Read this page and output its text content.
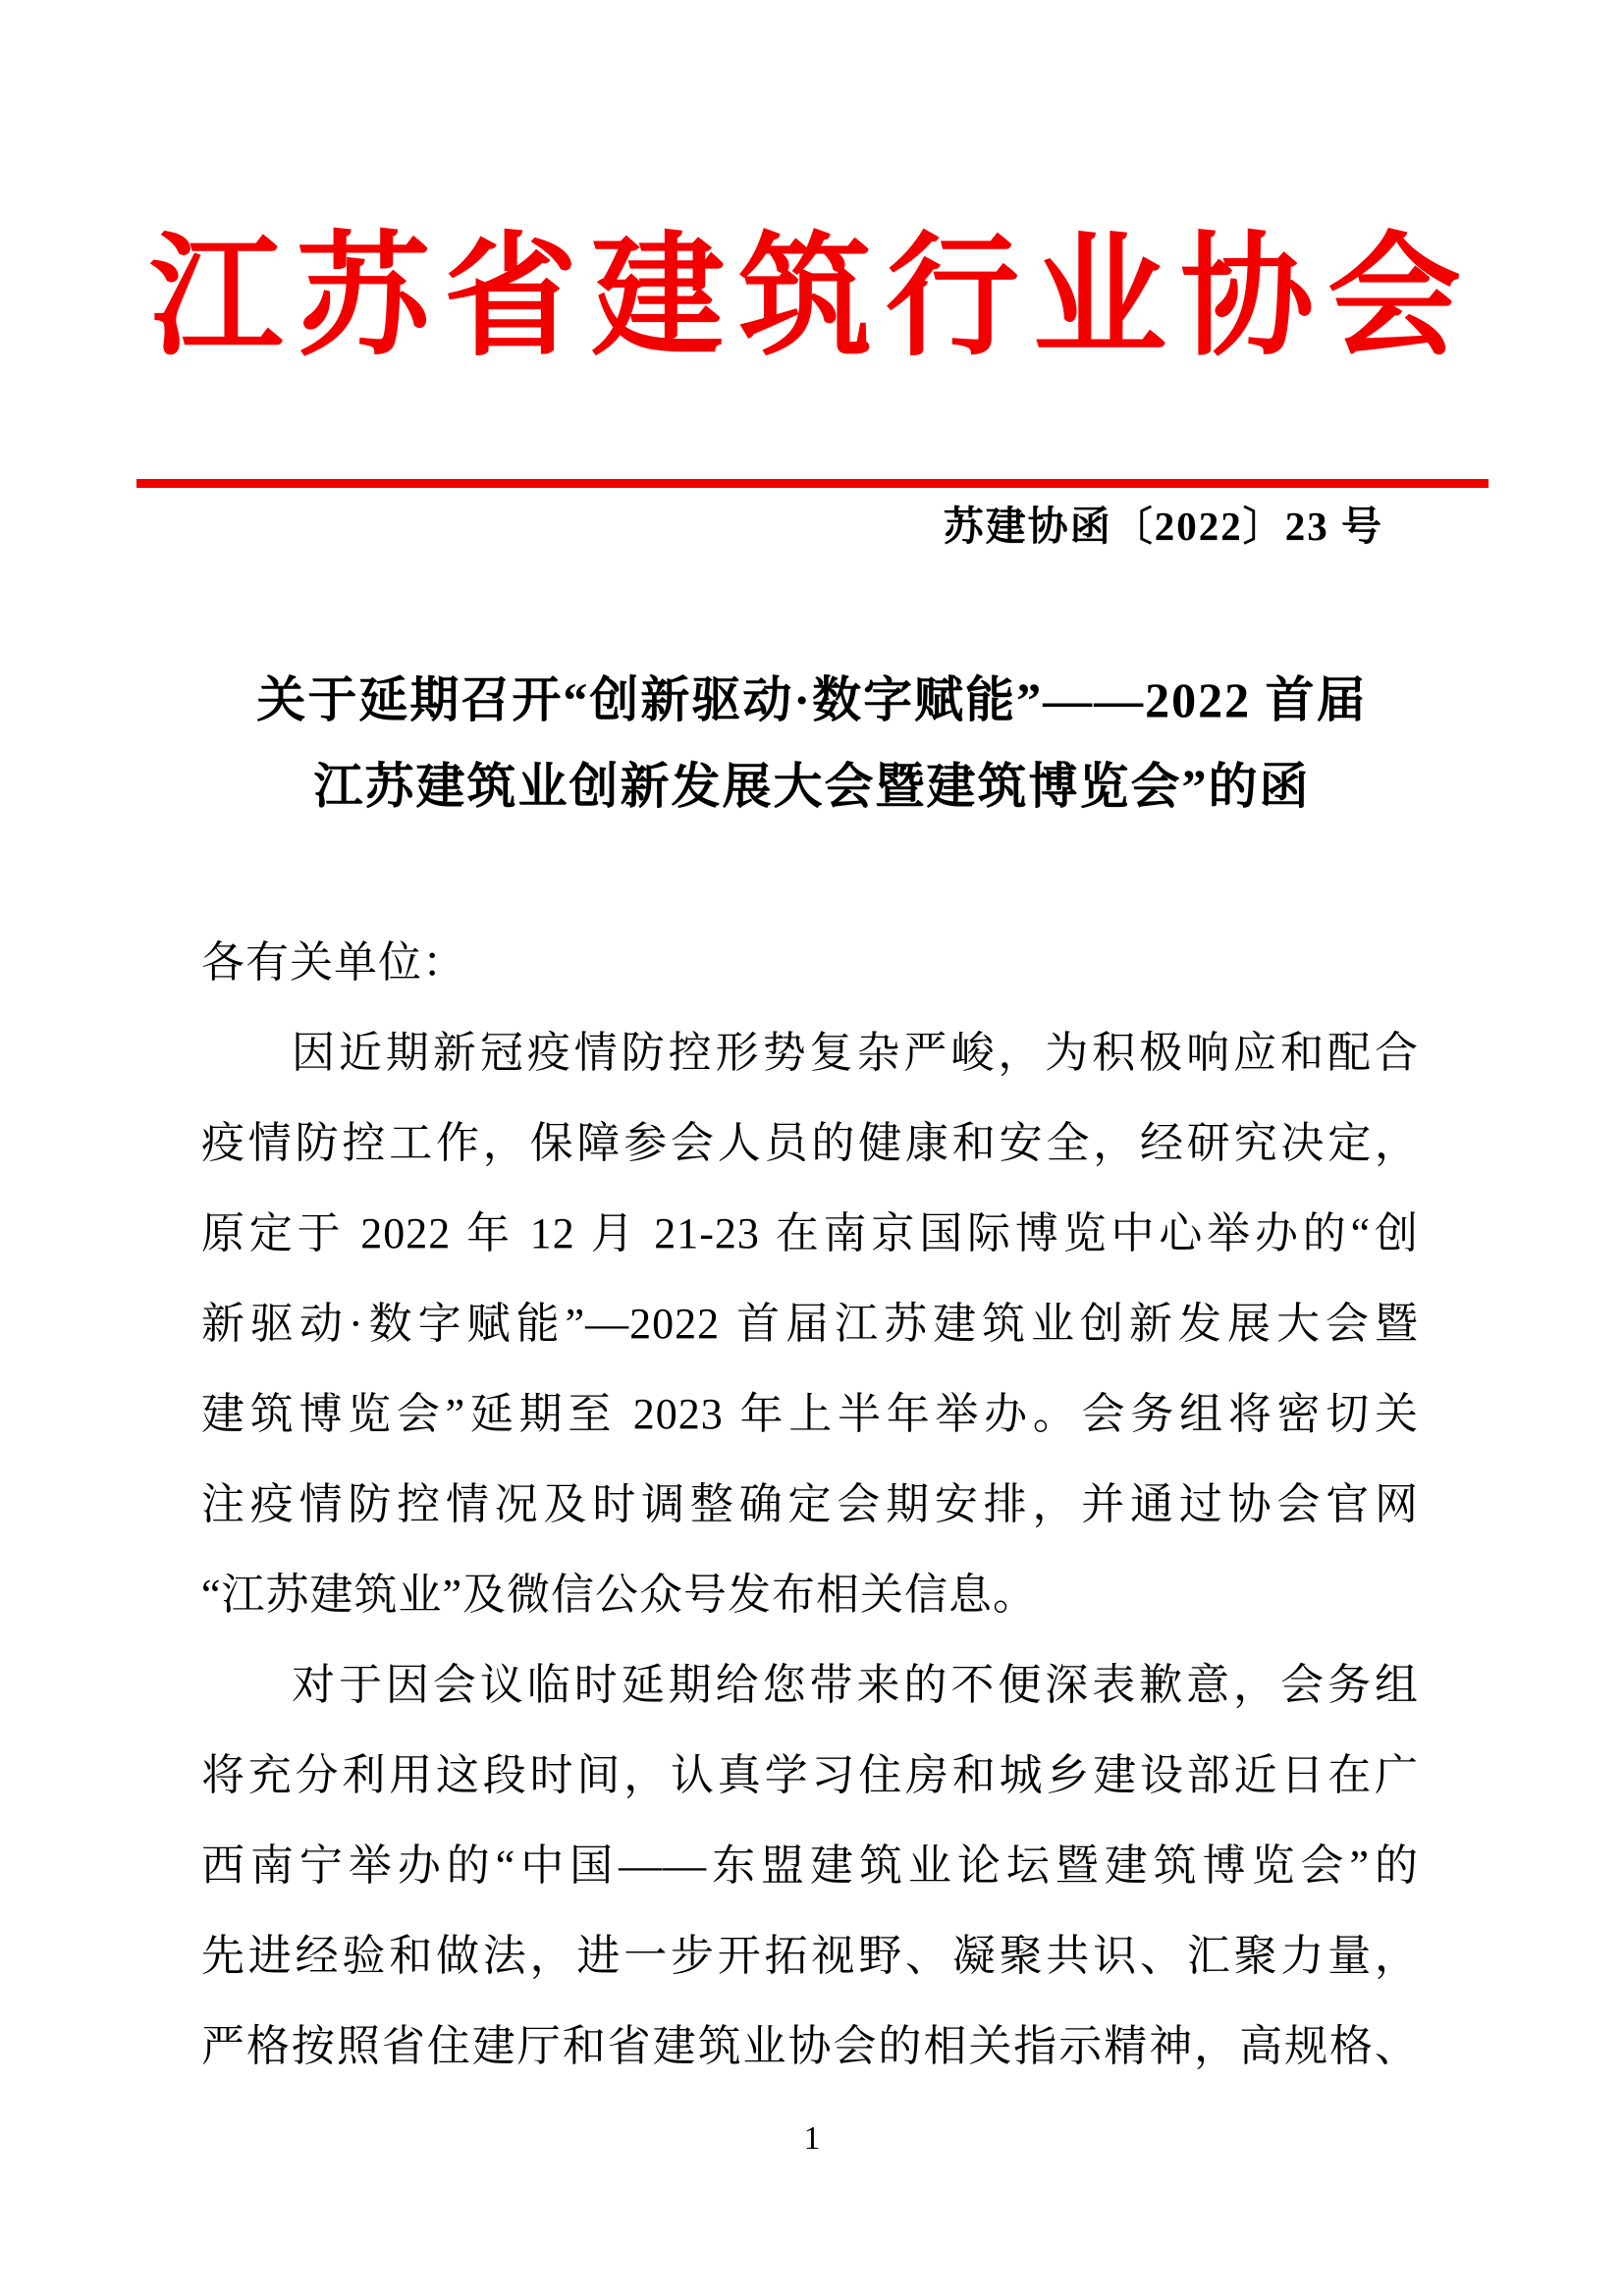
江苏省建筑行业协会
苏建协函〔2022〕23 号
关于延期召开“创新驱动·数字赋能”——2022 首届
江苏建筑业创新发展大会暨建筑博览会”的函
各有关单位：
因近期新冠疫情防控形势复杂严峻，为积极响应和配合
疫情防控工作，保障参会人员的健康和安全，经研究决定，
原定于 2022 年 12 月 21-23 在南京国际博览中心举办的“创
新驱动·数字赋能”—2022 首届江苏建筑业创新发展大会暨
建筑博览会”延期至 2023 年上半年举办。会务组将密切关
注疫情防控情况及时调整确定会期安排，并通过协会官网
“江苏建筑业”及微信公众号发布相关信息。
对于因会议临时延期给您带来的不便深表歉意，会务组
将充分利用这段时间，认真学习住房和城乡建设部近日在广
西南宁举办的“中国——东盟建筑业论坛暨建筑博览会”的
先进经验和做法，进一步开拓视野、凝聚共识、汇聚力量，
严格按照省住建厅和省建筑业协会的相关指示精神，高规格、
1
